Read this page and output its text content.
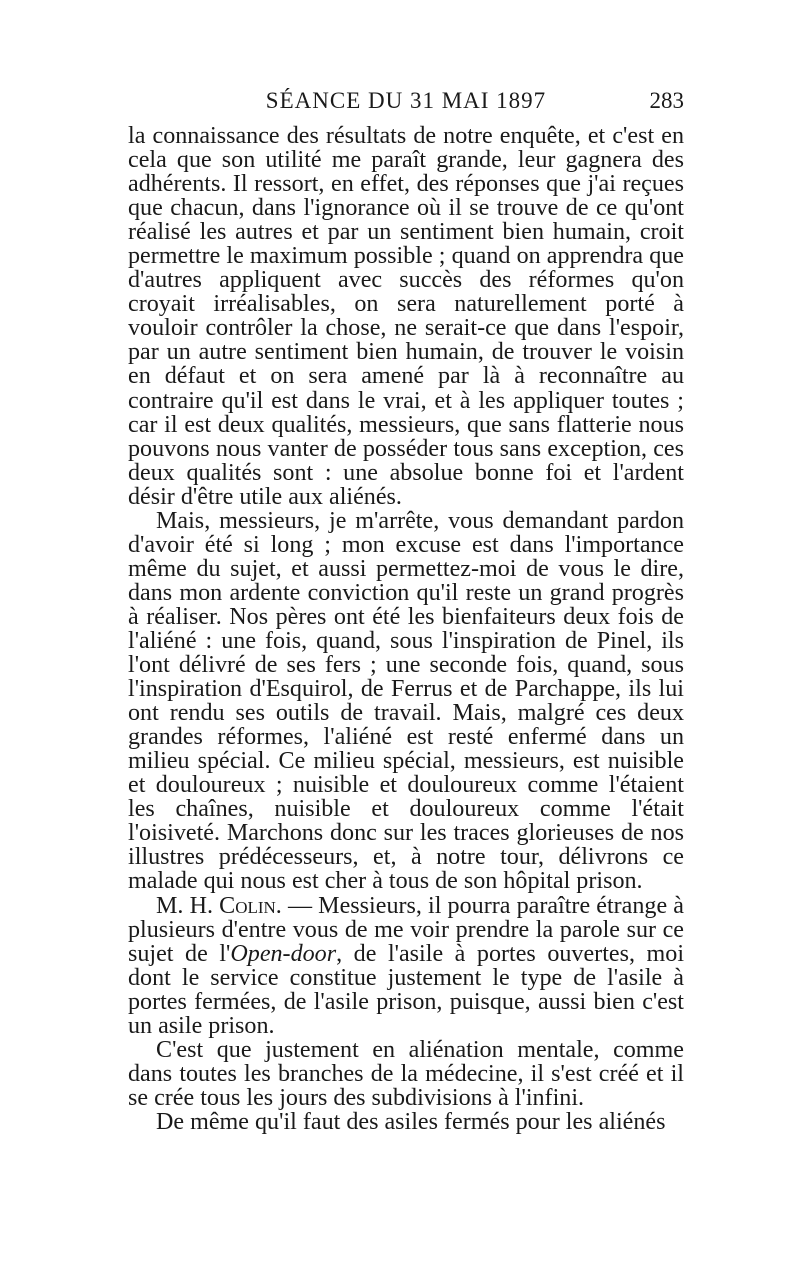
SÉANCE DU 31 MAI 1897	283

la connaissance des résultats de notre enquête, et c'est en cela que son utilité me paraît grande, leur gagnera des adhérents. Il ressort, en effet, des réponses que j'ai reçues que chacun, dans l'ignorance où il se trouve de ce qu'ont réalisé les autres et par un sentiment bien humain, croit permettre le maximum possible ; quand on apprendra que d'autres appliquent avec succès des réformes qu'on croyait irréalisables, on sera naturellement porté à vouloir contrôler la chose, ne serait-ce que dans l'espoir, par un autre sentiment bien humain, de trouver le voisin en défaut et on sera amené par là à reconnaître au contraire qu'il est dans le vrai, et à les appliquer toutes ; car il est deux qualités, messieurs, que sans flatterie nous pouvons nous vanter de posséder tous sans exception, ces deux qualités sont : une absolue bonne foi et l'ardent désir d'être utile aux aliénés.

Mais, messieurs, je m'arrête, vous demandant pardon d'avoir été si long ; mon excuse est dans l'importance même du sujet, et aussi permettez-moi de vous le dire, dans mon ardente conviction qu'il reste un grand progrès à réaliser. Nos pères ont été les bienfaiteurs deux fois de l'aliéné : une fois, quand, sous l'inspiration de Pinel, ils l'ont délivré de ses fers ; une seconde fois, quand, sous l'inspiration d'Esquirol, de Ferrus et de Parchappe, ils lui ont rendu ses outils de travail. Mais, malgré ces deux grandes réformes, l'aliéné est resté enfermé dans un milieu spécial. Ce milieu spécial, messieurs, est nuisible et douloureux ; nuisible et douloureux comme l'étaient les chaînes, nuisible et douloureux comme l'était l'oisiveté. Marchons donc sur les traces glorieuses de nos illustres prédécesseurs, et, à notre tour, délivrons ce malade qui nous est cher à tous de son hôpital prison.

M. H. Colin. — Messieurs, il pourra paraître étrange à plusieurs d'entre vous de me voir prendre la parole sur ce sujet de l'Open-door, de l'asile à portes ouvertes, moi dont le service constitue justement le type de l'asile à portes fermées, de l'asile prison, puisque, aussi bien c'est un asile prison.

C'est que justement en aliénation mentale, comme dans toutes les branches de la médecine, il s'est créé et il se crée tous les jours des subdivisions à l'infini.

De même qu'il faut des asiles fermés pour les aliénés
